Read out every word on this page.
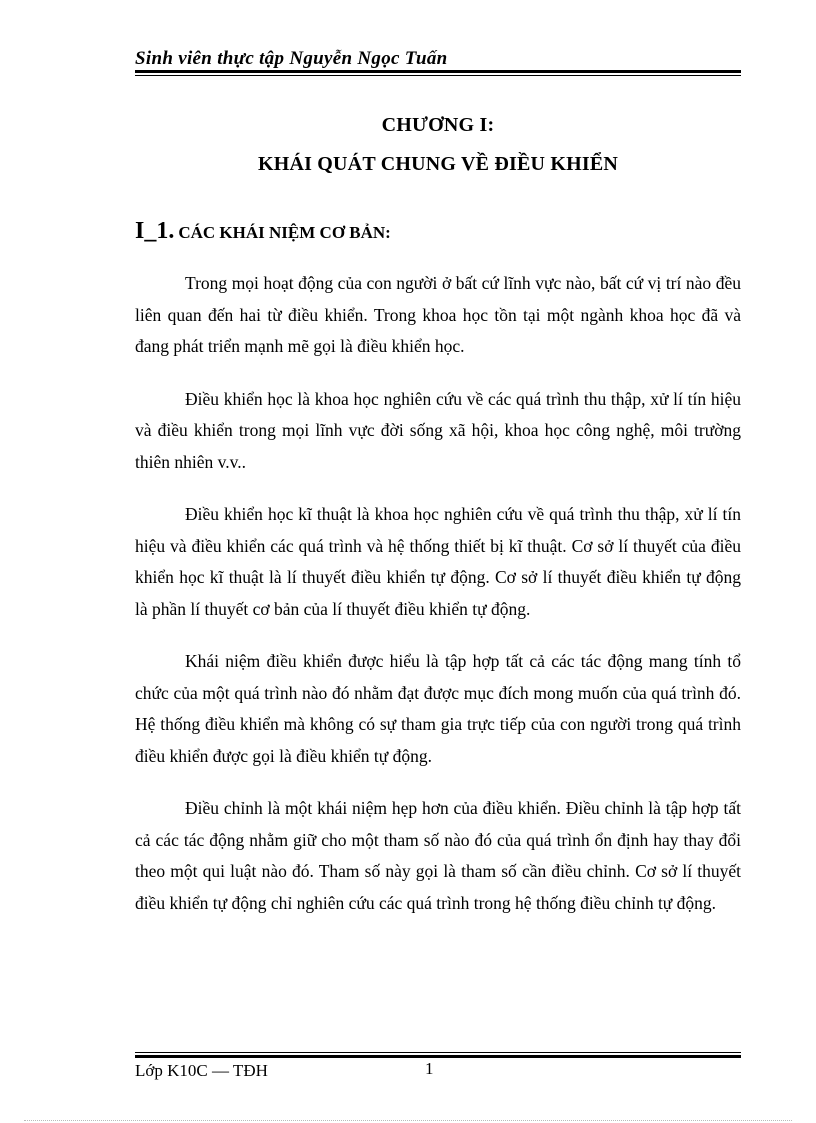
Sinh viên thực tập Nguyễn Ngọc Tuấn
CHƯƠNG I:
KHÁI QUÁT CHUNG VỀ ĐIỀU KHIỂN
I_1. CÁC KHÁI NIỆM CƠ BẢN:

Trong mọi hoạt động của con người ở bất cứ lĩnh vực nào, bất cứ vị trí nào đều liên quan đến hai từ điều khiển. Trong khoa học tồn tại một ngành khoa học đã và đang phát triển mạnh mẽ gọi là điều khiển học.

Điều khiển học là khoa học nghiên cứu về các quá trình thu thập, xử lí tín hiệu và điều khiển trong mọi lĩnh vực đời sống xã hội, khoa học công nghệ, môi trường thiên nhiên v.v..

Điều khiển học kĩ thuật là khoa học nghiên cứu về quá trình thu thập, xử lí tín hiệu và điều khiển các quá trình và hệ thống thiết bị kĩ thuật. Cơ sở lí thuyết của điều khiển học kĩ thuật là lí thuyết điều khiển tự động. Cơ sở lí thuyết điều khiển tự động là phần lí thuyết cơ bản của lí thuyết điều khiển tự động.

Khái niệm điều khiển được hiểu là tập hợp tất cả các tác động mang tính tổ chức của một quá trình nào đó nhằm đạt được mục đích mong muốn của quá trình đó. Hệ thống điều khiển mà không có sự tham gia trực tiếp của con người trong quá trình điều khiển được gọi là điều khiển tự động.

Điều chỉnh là một khái niệm hẹp hơn của điều khiển. Điều chỉnh là tập hợp tất cả các tác động nhằm giữ cho một tham số nào đó của quá trình ổn định hay thay đổi theo một qui luật nào đó. Tham số này gọi là tham số cần điều chỉnh. Cơ sở lí thuyết điều khiển tự động chỉ nghiên cứu các quá trình trong hệ thống điều chỉnh tự động.

Lớp K10C — TĐH	1
